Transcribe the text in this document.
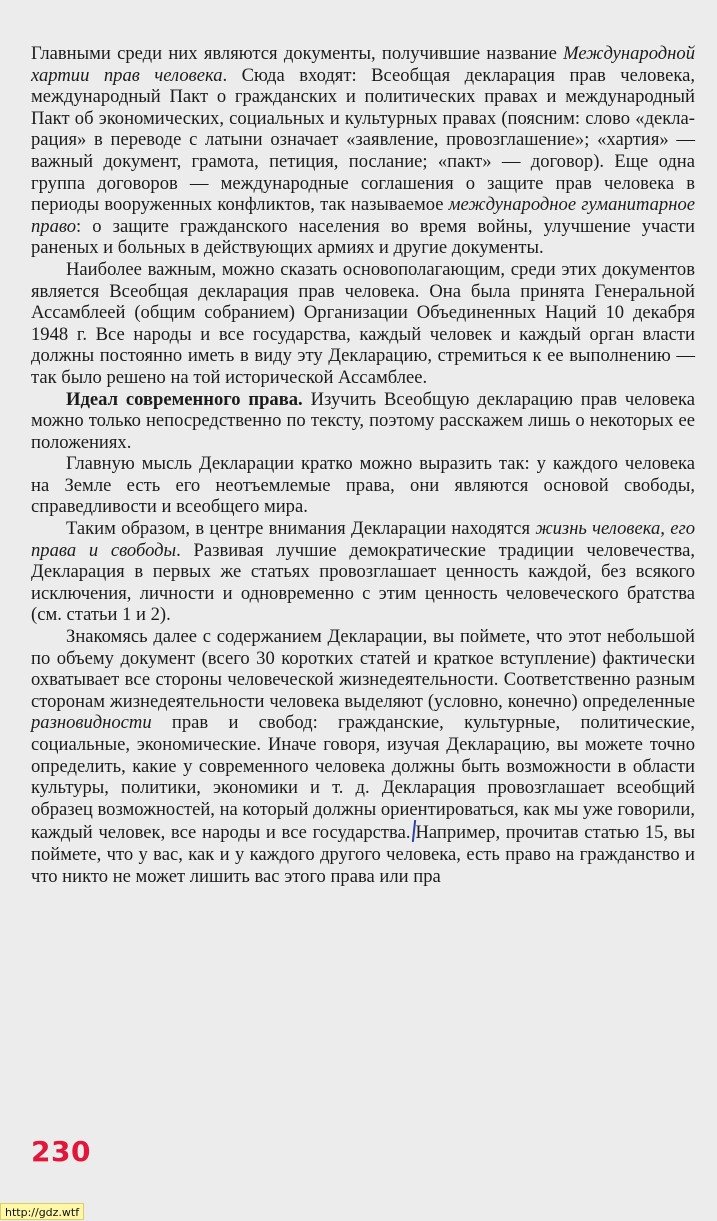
Главными среди них являются документы, получившие название Международной хартии прав человека. Сюда входят: Всеобщая декларация прав человека, международный Пакт о гражданских и политических правах и международный Пакт об экономических, социальных и культурных правах (поясним: слово «декларация» в переводе с латыни означает «заявление, провозглашение»; «хартия» — важный документ, грамота, петиция, послание; «пакт» — договор). Еще одна группа договоров — международные соглашения о защите прав человека в периоды вооруженных конфликтов, так называемое международное гуманитарное право: о защите гражданского населения во время войны, улучшение участи раненых и больных в действующих армиях и другие документы.

Наиболее важным, можно сказать основополагающим, среди этих документов является Всеобщая декларация прав человека. Она была принята Генеральной Ассамблеей (общим собранием) Организации Объединенных Наций 10 декабря 1948 г. Все народы и все государства, каждый человек и каждый орган власти должны постоянно иметь в виду эту Декларацию, стремиться к ее выполнению — так было решено на той исторической Ассамблее.

Идеал современного права. Изучить Всеобщую декларацию прав человека можно только непосредственно по тексту, поэтому расскажем лишь о некоторых ее положениях.

Главную мысль Декларации кратко можно выразить так: у каждого человека на Земле есть его неотъемлемые права, они являются основой свободы, справедливости и всеобщего мира.

Таким образом, в центре внимания Декларации находятся жизнь человека, его права и свободы. Развивая лучшие демократические традиции человечества, Декларация в первых же статьях провозглашает ценность каждой, без всякого исключения, личности и одновременно с этим ценность человеческого братства (см. статьи 1 и 2).

Знакомясь далее с содержанием Декларации, вы поймете, что этот небольшой по объему документ (всего 30 коротких статей и краткое вступление) фактически охватывает все стороны человеческой жизнедеятельности. Соответственно разным сторонам жизнедеятельности человека выделяют (условно, конечно) определенные разновидности прав и свобод: гражданские, культурные, политические, социальные, экономические. Иначе говоря, изучая Декларацию, вы можете точно определить, какие у современного человека должны быть возможности в области культуры, политики, экономики и т. д. Декларация провозглашает всеобщий образец возможностей, на который должны ориентироваться, как мы уже говорили, каждый человек, все народы и все государства. Например, прочитав статью 15, вы поймете, что у вас, как и у каждого другого человека, есть право на гражданство и что никто не может лишить вас этого права или пра

230
http://gdz.wtf
